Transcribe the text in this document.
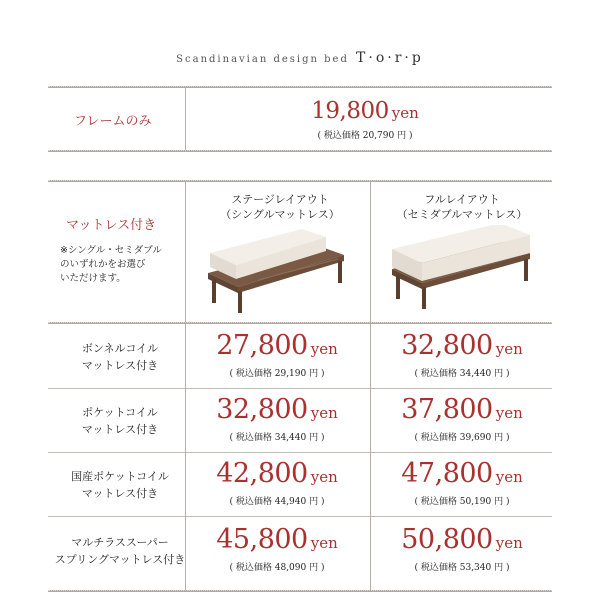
Scandinavian design bed T·o·r·p
フレームのみ	19,800 yen
( 税込価格 20,790 円 )
マットレス付き
※シングル・セミダブル
のいずれかをお選び
いただけます。
ステージレイアウト
（シングルマットレス）
フルレイアウト
（セミダブルマットレス）
ボンネルコイル
マットレス付き
27,800 yen
( 税込価格 29,190 円 )
32,800 yen
( 税込価格 34,440 円 )
ポケットコイル
マットレス付き
32,800 yen
( 税込価格 34,440 円 )
37,800 yen
( 税込価格 39,690 円 )
国産ポケットコイル
マットレス付き
42,800 yen
( 税込価格 44,940 円 )
47,800 yen
( 税込価格 50,190 円 )
マルチラススーパー
スプリングマットレス付き
45,800 yen
( 税込価格 48,090 円 )
50,800 yen
( 税込価格 53,340 円 )
